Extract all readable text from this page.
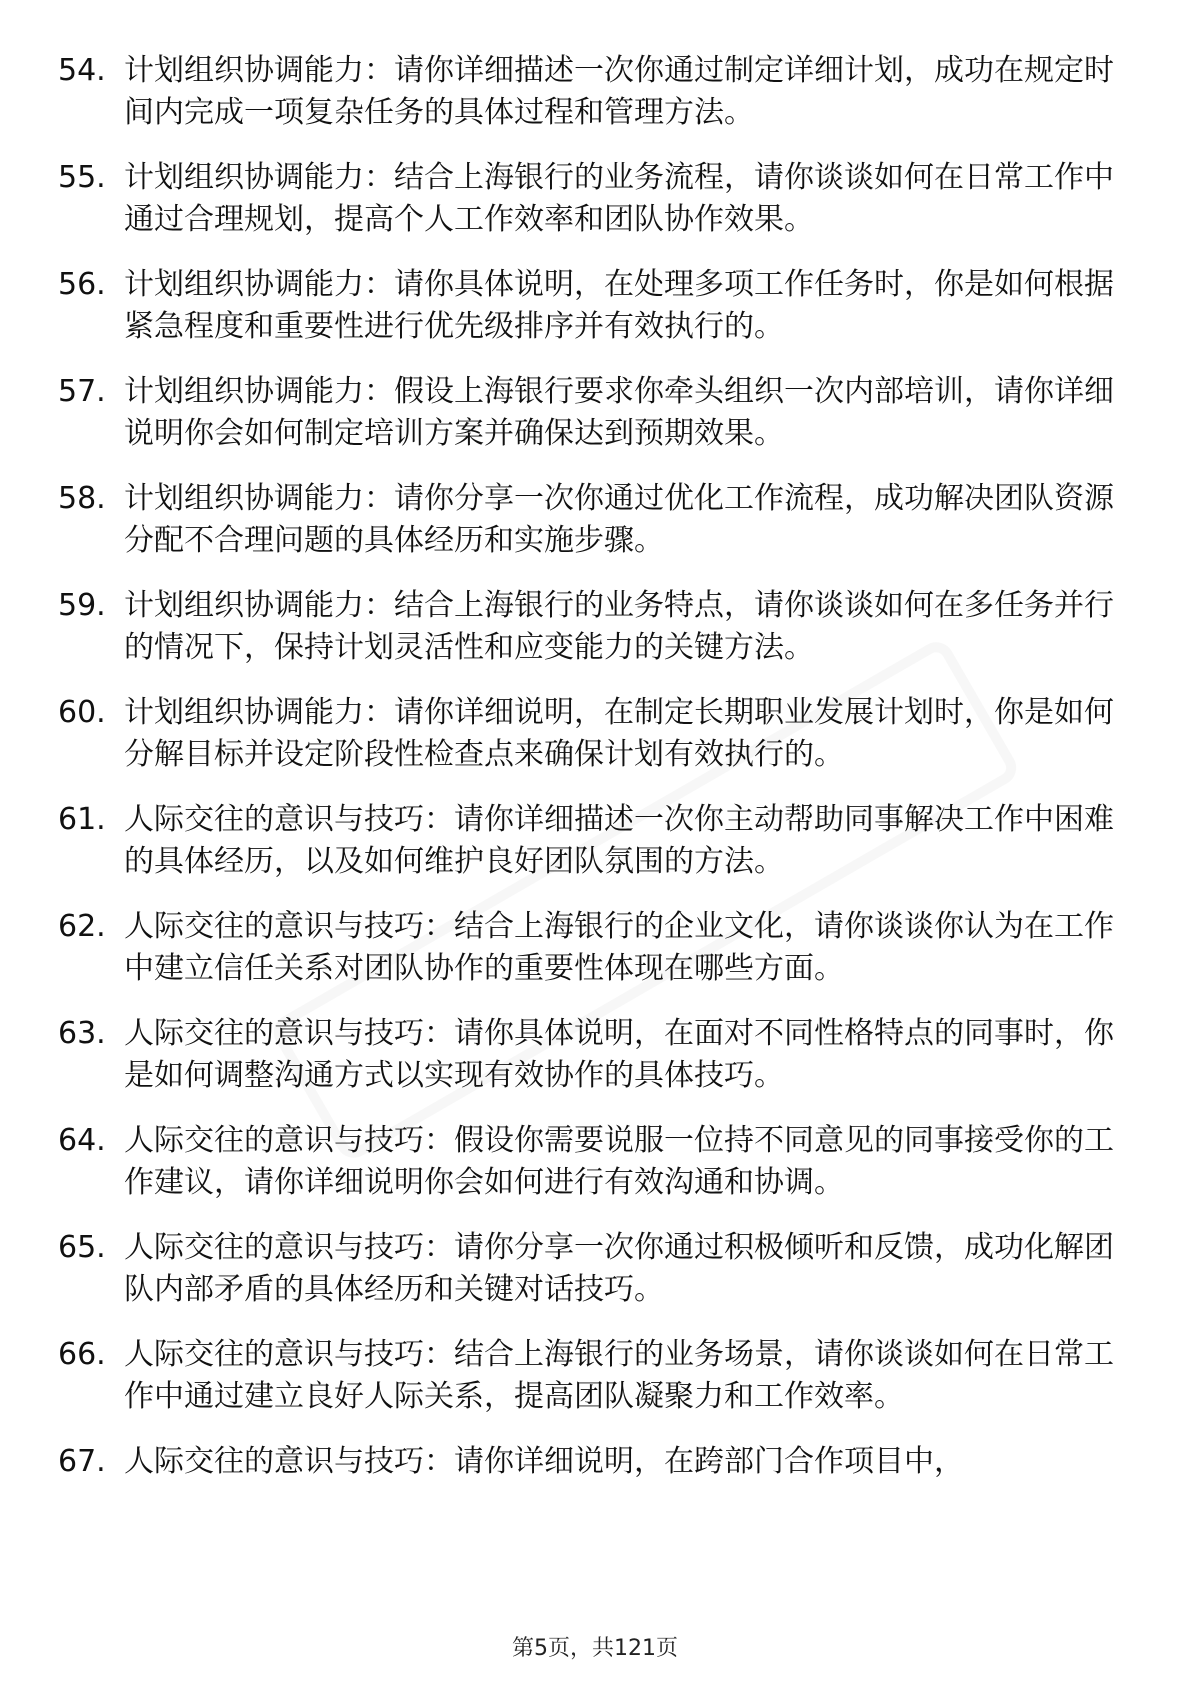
54. 计划组织协调能力：请你详细描述一次你通过制定详细计划，成功在规定时间内完成一项复杂任务的具体过程和管理方法。
55. 计划组织协调能力：结合上海银行的业务流程，请你谈谈如何在日常工作中通过合理规划，提高个人工作效率和团队协作效果。
56. 计划组织协调能力：请你具体说明，在处理多项工作任务时，你是如何根据紧急程度和重要性进行优先级排序并有效执行的。
57. 计划组织协调能力：假设上海银行要求你牵头组织一次内部培训，请你详细说明你会如何制定培训方案并确保达到预期效果。
58. 计划组织协调能力：请你分享一次你通过优化工作流程，成功解决团队资源分配不合理问题的具体经历和实施步骤。
59. 计划组织协调能力：结合上海银行的业务特点，请你谈谈如何在多任务并行的情况下，保持计划灵活性和应变能力的关键方法。
60. 计划组织协调能力：请你详细说明，在制定长期职业发展计划时，你是如何分解目标并设定阶段性检查点来确保计划有效执行的。
61. 人际交往的意识与技巧：请你详细描述一次你主动帮助同事解决工作中困难的具体经历，以及如何维护良好团队氛围的方法。
62. 人际交往的意识与技巧：结合上海银行的企业文化，请你谈谈你认为在工作中建立信任关系对团队协作的重要性体现在哪些方面。
63. 人际交往的意识与技巧：请你具体说明，在面对不同性格特点的同事时，你是如何调整沟通方式以实现有效协作的具体技巧。
64. 人际交往的意识与技巧：假设你需要说服一位持不同意见的同事接受你的工作建议，请你详细说明你会如何进行有效沟通和协调。
65. 人际交往的意识与技巧：请你分享一次你通过积极倾听和反馈，成功化解团队内部矛盾的具体经历和关键对话技巧。
66. 人际交往的意识与技巧：结合上海银行的业务场景，请你谈谈如何在日常工作中通过建立良好人际关系，提高团队凝聚力和工作效率。
67. 人际交往的意识与技巧：请你详细说明，在跨部门合作项目中，
第5页，共121页
